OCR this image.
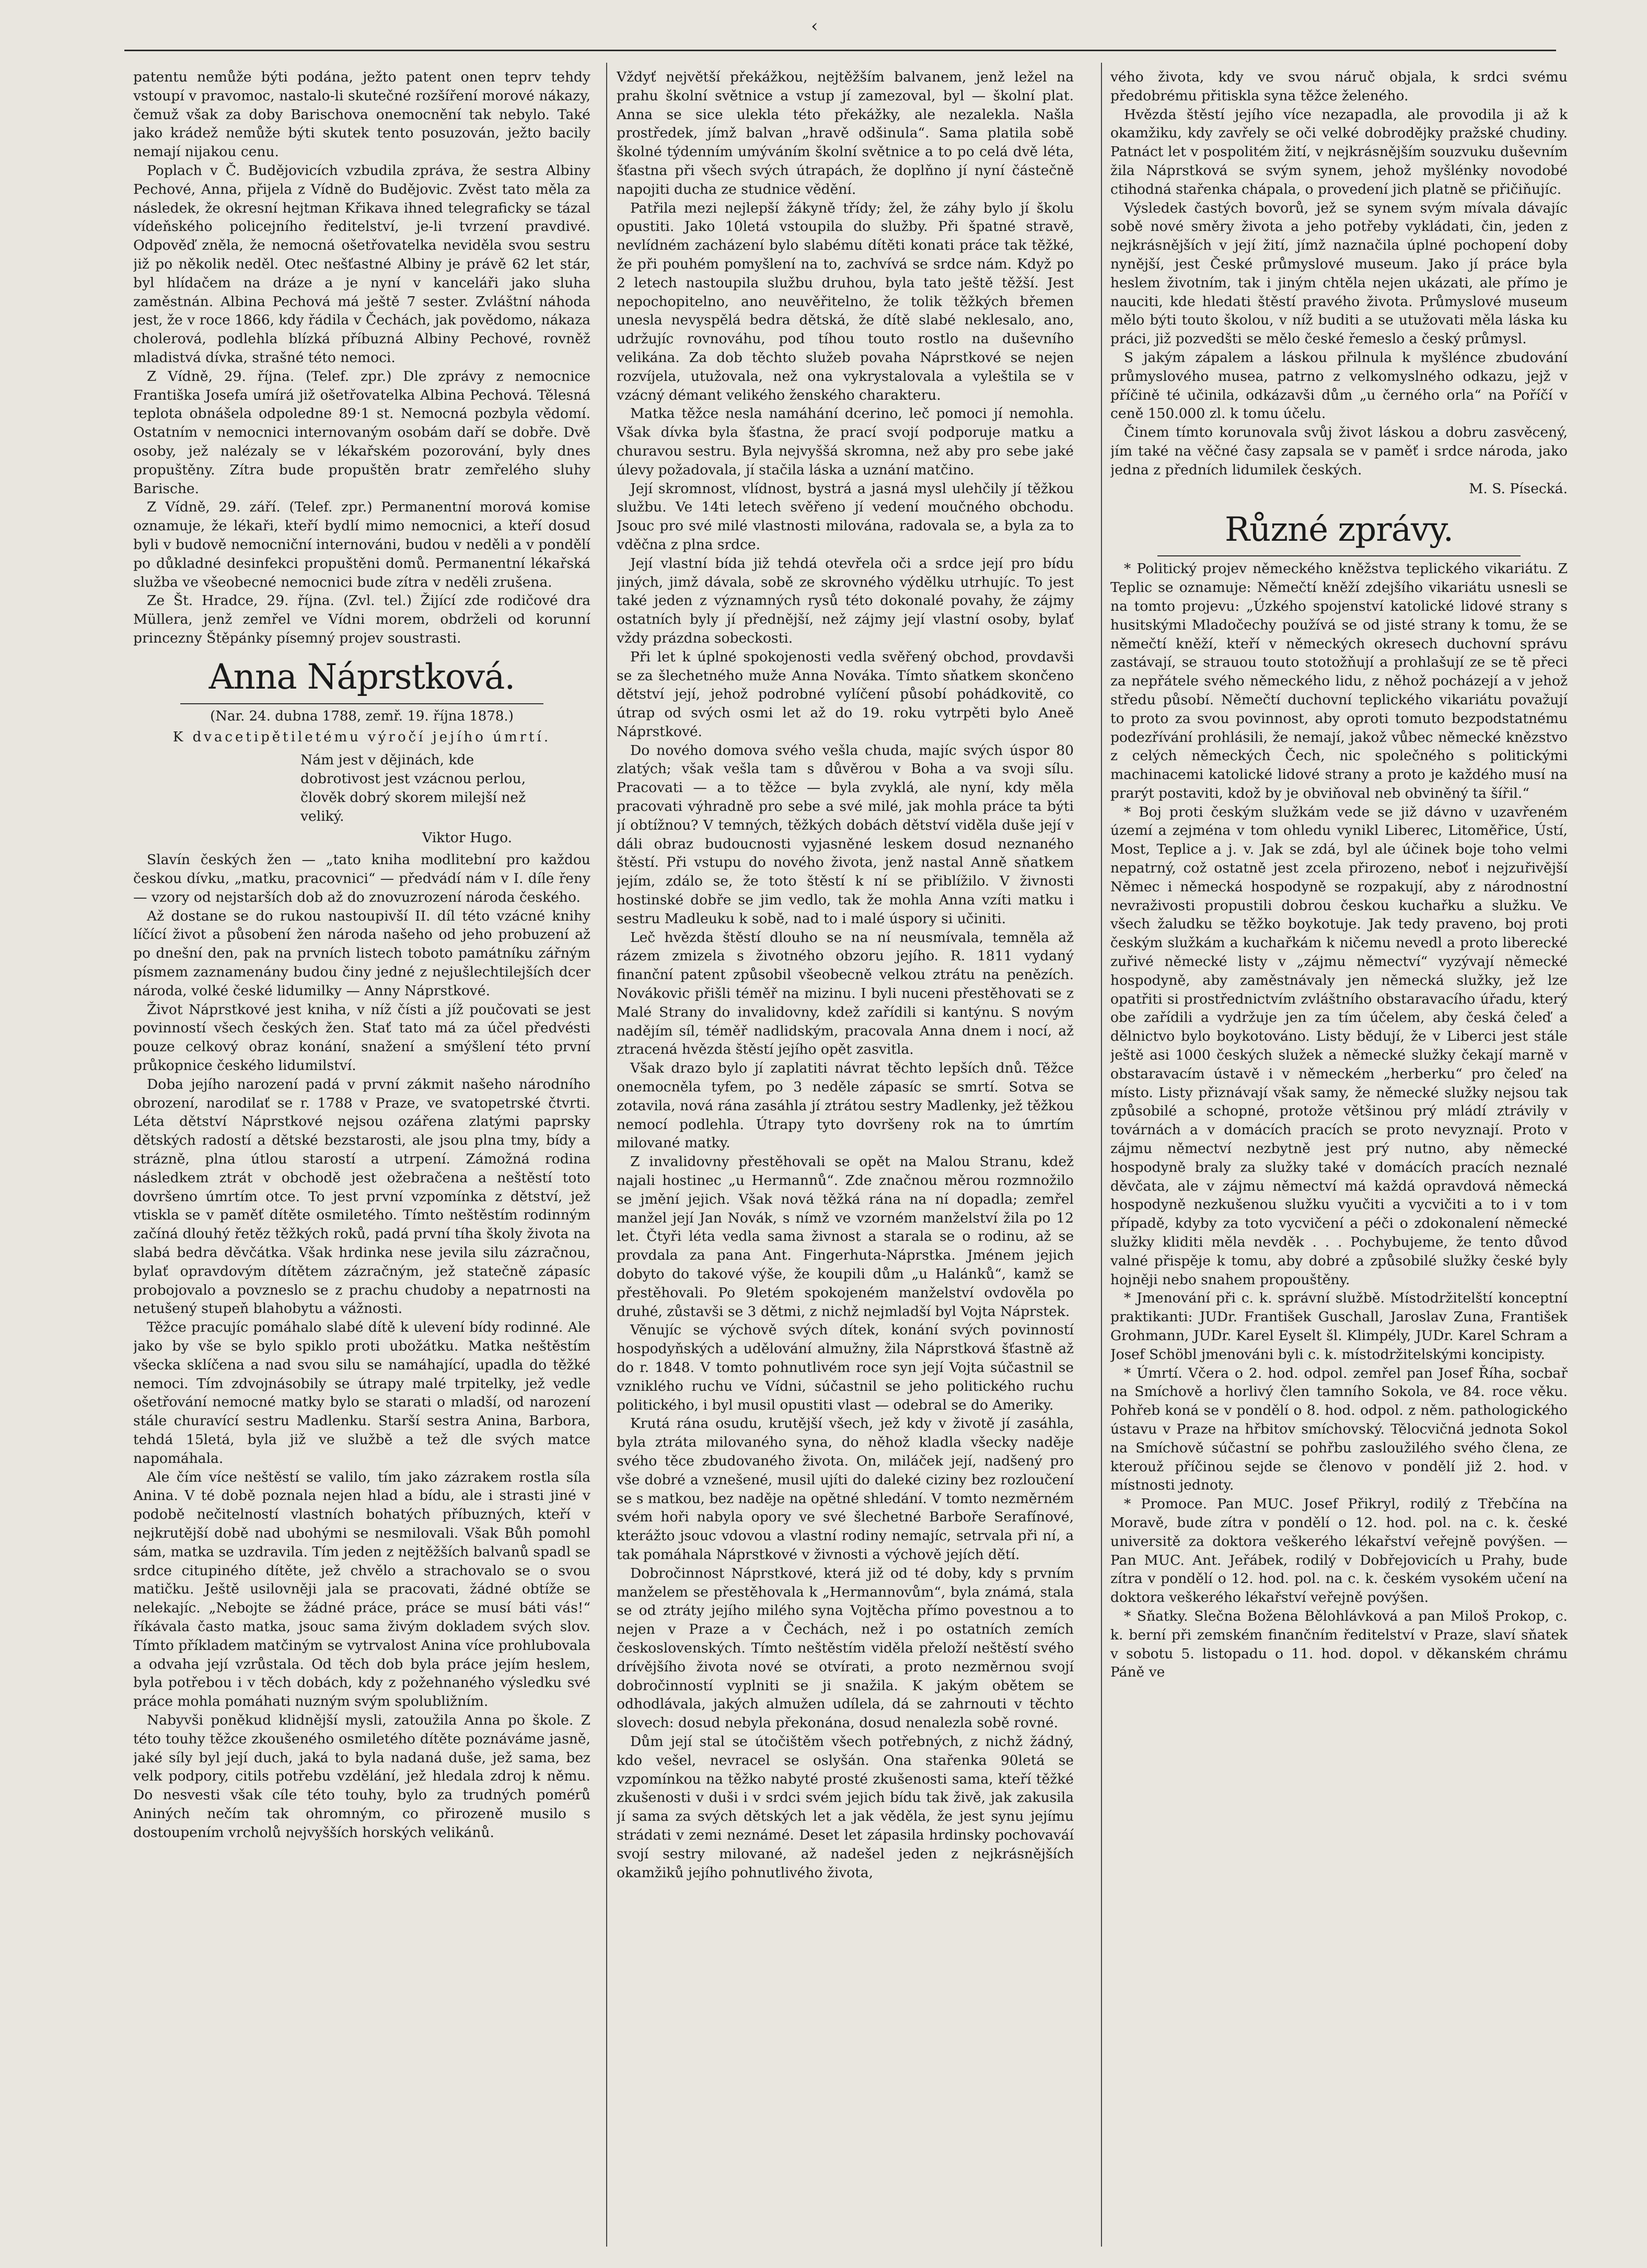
‹

patentu nemůže býti podána, ježto patent onen teprv tehdy vstoupí v pravomoc, nastalo-li skutečné rozšíření morové nákazy, čemuž však za doby Barischova onemocnění tak nebylo. Také jako krádež nemůže býti skutek tento posuzován, ježto bacily nemají nijakou cenu.

Poplach v Č. Budějovicích vzbudila zpráva, že sestra Albiny Pechové, Anna, přijela z Vídně do Budějovic. Zvěst tato měla za následek, že okresní hejtman Křikava ihned telegraficky se tázal vídeňského policejního ředitelství, je-li tvrzení pravdivé. Odpověď zněla, že nemocná ošetřovatelka neviděla svou sestru již po několik neděl. Otec nešťastné Albiny je právě 62 let stár, byl hlídačem na dráze a je nyní v kanceláři jako sluha zaměstnán. Albina Pechová má ještě 7 sester. Zvláštní náhoda jest, že v roce 1866, kdy řádila v Čechách, jak povědomo, nákaza cholerová, podlehla blízká příbuzná Albiny Pechové, rovněž mladistvá dívka, strašné této nemoci.

Z Vídně, 29. října. (Telef. zpr.) Dle zprávy z nemocnice Františka Josefa umírá již ošetřovatelka Albina Pechová. Tělesná teplota obnášela odpoledne 89·1 st. Nemocná pozbyla vědomí. Ostatním v nemocnici internovaným osobám daří se dobře. Dvě osoby, jež nalézaly se v lékařském pozorování, byly dnes propuštěny. Zítra bude propuštěn bratr zemřelého sluhy Barische.

Z Vídně, 29. září. (Telef. zpr.) Permanentní morová komise oznamuje, že lékaři, kteří bydlí mimo nemocnici, a kteří dosud byli v budově nemocniční internováni, budou v neděli a v pondělí po důkladné desinfekci propuštěni domů. Permanentní lékařská služba ve všeobecné nemocnici bude zítra v neděli zrušena.

Ze Št. Hradce, 29. října. (Zvl. tel.) Žijící zde rodičové dra Müllera, jenž zemřel ve Vídni morem, obdrželi od korunní princezny Štěpánky písemný projev soustrasti.

Anna Náprstková.
(Nar. 24. dubna 1788, zemř. 19. října 1878.)
K dvacetipětiletému výročí jejího úmrtí.
Nám jest v dějinách, kde dobrotivost jest vzácnou perlou, člověk dobrý skorem milejší než veliký.
Viktor Hugo.

Slavín českých žen — „tato kniha modlitební pro každou českou dívku, „matku, pracovnici“ — předvádí nám v I. díle řeny — vzory od nejstarších dob až do znovuzrození národa českého.

Až dostane se do rukou nastoupivší II. díl této vzácné knihy líčící život a působení žen národa našeho od jeho probuzení až po dnešní den, pak na prvních listech toboto památníku zářným písmem zaznamenány budou činy jedné z nejušlechtilejších dcer národa, volké české lidumilky — Anny Náprstkové.

Život Náprstkové jest kniha, v níž čísti a jíž poučovati se jest povinností všech českých žen. Stať tato má za účel předvésti pouze celkový obraz konání, snažení a smýšlení této první průkopnice českého lidumilství.

Doba jejího narození padá v první zákmit našeho národního obrození, narodilať se r. 1788 v Praze, ve svatopetrské čtvrti. Léta dětství Náprstkové nejsou ozářena zlatými paprsky dětských radostí a dětské bezstarosti, ale jsou plna tmy, bídy a strázně, plna útlou starostí a utrpení. Zámožná rodina následkem ztrát v obchodě jest ožebračena a neštěstí toto dovršeno úmrtím otce. To jest první vzpomínka z dětství, jež vtiskla se v paměť dítěte osmiletého. Tímto neštěstím rodinným začíná dlouhý řetěz těžkých roků, padá první tíha školy života na slabá bedra děvčátka. Však hrdinka nese jevila silu zázračnou, bylať opravdovým dítětem zázračným, jež statečně zápasíc probojovalo a povzneslo se z prachu chudoby a nepatrnosti na netušený stupeň blahobytu a vážnosti.

Těžce pracujíc pomáhalo slabé dítě k ulevení bídy rodinné. Ale jako by vše se bylo spiklo proti ubožátku. Matka neštěstím všecka sklíčena a nad svou silu se namáhající, upadla do těžké nemoci. Tím zdvojnásobily se útrapy malé trpitelky, jež vedle ošetřování nemocné matky bylo se starati o mladší, od narození stále churavící sestru Madlenku. Starší sestra Anina, Barbora, tehdá 15letá, byla již ve službě a tež dle svých matce napomáhala.

Ale čím více neštěstí se valilo, tím jako zázrakem rostla síla Anina. V té době poznala nejen hlad a bídu, ale i strasti jiné v podobě nečitelností vlastních bohatých příbuzných, kteří v nejkrutější době nad ubohými se nesmilovali. Však Bůh pomohl sám, matka se uzdravila. Tím jeden z nejtěžších balvanů spadl se srdce citupiného dítěte, jež chvělo a strachovalo se o svou matičku. Ještě usilovněji jala se pracovati, žádné obtíže se nelekajíc. „Nebojte se žádné práce, práce se musí báti vás!“ říkávala často matka, jsouc sama živým dokladem svých slov. Tímto příkladem matčiným se vytrvalost Anina více prohlubovala a odvaha její vzrůstala. Od těch dob byla práce jejím heslem, byla potřebou i v těch dobách, kdy z požehnaného výsledku své práce mohla pomáhati nuzným svým spolubližním.

Nabyvši poněkud klidnější mysli, zatoužila Anna po škole. Z této touhy těžce zkoušeného osmiletého dítěte poznáváme jasně, jaké síly byl její duch, jaká to byla nadaná duše, jež sama, bez velk podpory, citils potřebu vzdělání, jež hledala zdroj k němu. Do nesvesti však cíle této touhy, bylo za trudných pomérů Aniných nečím tak ohromným, co přirozeně musilo s dostoupením vrcholů nejvyšších horských velikánů.

Vždyť největší překážkou, nejtěžším balvanem, jenž ležel na prahu školní světnice a vstup jí zamezoval, byl — školní plat. Anna se sice ulekla této překážky, ale nezalekla. Našla prostředek, jímž balvan „hravě odšinula“. Sama platila sobě školné týdenním umýváním školní světnice a to po celá dvě léta, šťastna při všech svých útrapách, že doplňno jí nyní částečně napojiti ducha ze studnice vědění.

Patřila mezi nejlepší žákyně třídy; žel, že záhy bylo jí školu opustiti. Jako 10letá vstoupila do služby. Při špatné stravě, nevlídném zacházení bylo slabému dítěti konati práce tak těžké, že při pouhém pomyšlení na to, zachvívá se srdce nám. Když po 2 letech nastoupila službu druhou, byla tato ještě těžší. Jest nepochopitelno, ano neuvěřitelno, že tolik těžkých břemen unesla nevyspělá bedra dětská, že dítě slabé neklesalo, ano, udržujíc rovnováhu, pod tíhou touto rostlo na duševního velikána. Za dob těchto služeb povaha Náprstkové se nejen rozvíjela, utužovala, než ona vykrystalovala a vyleštila se v vzácný démant velikého ženského charakteru.

Matka těžce nesla namáhání dcerino, leč pomoci jí nemohla. Však dívka byla šťastna, že prací svojí podporuje matku a churavou sestru. Byla nejvyššá skromna, než aby pro sebe jaké úlevy požadovala, jí stačila láska a uznání matčino.

Její skromnost, vlídnost, bystrá a jasná mysl ulehčily jí těžkou službu. Ve 14ti letech svěřeno jí vedení moučného obchodu. Jsouc pro své milé vlastnosti milována, radovala se, a byla za to vděčna z plna srdce.

Její vlastní bída již tehdá otevřela oči a srdce její pro bídu jiných, jimž dávala, sobě ze skrovného výdělku utrhujíc. To jest také jeden z významných rysů této dokonalé povahy, že zájmy ostatních byly jí přednější, než zájmy její vlastní osoby, bylať vždy prázdna sobeckosti.

Při let k úplné spokojenosti vedla svěřený obchod, provdavši se za šlechetného muže Anna Nováka. Tímto sňatkem skončeno dětství její, jehož podrobné vylíčení působí pohádkovitě, co útrap od svých osmi let až do 19. roku vytrpěti bylo Aneě Náprstkové.

Do nového domova svého vešla chuda, majíc svých úspor 80 zlatých; však vešla tam s důvěrou v Boha a va svoji sílu. Pracovati — a to těžce — byla zvyklá, ale nyní, kdy měla pracovati výhradně pro sebe a své milé, jak mohla práce ta býti jí obtížnou? V temných, těžkých dobách dětství viděla duše její v dáli obraz budoucnosti vyjasněné leskem dosud neznaného štěstí. Při vstupu do nového života, jenž nastal Anně sňatkem jejím, zdálo se, že toto štěstí k ní se přiblížilo. V živnosti hostinské dobře se jim vedlo, tak že mohla Anna vzíti matku i sestru Madleuku k sobě, nad to i malé úspory si učiniti.

Leč hvězda štěstí dlouho se na ní neusmívala, temněla až rázem zmizela s životného obzoru jejího. R. 1811 vydaný finanční patent způsobil všeobecně velkou ztrátu na penězích. Novákovic přišli téměř na mizinu. I byli nuceni přestěhovati se z Malé Strany do invalidovny, kdež zařídili si kantýnu. S novým nadějím síl, téměř nadlidským, pracovala Anna dnem i nocí, až ztracená hvězda štěstí jejího opět zasvitla.

Však drazo bylo jí zaplatiti návrat těchto lepších dnů. Těžce onemocněla tyfem, po 3 neděle zápasíc se smrtí. Sotva se zotavila, nová rána zasáhla jí ztrátou sestry Madlenky, jež těžkou nemocí podlehla. Útrapy tyto dovršeny rok na to úmrtím milované matky.

Z invalidovny přestěhovali se opět na Malou Stranu, kdež najali hostinec „u Hermannů“. Zde značnou měrou rozmnožilo se jmění jejich. Však nová těžká rána na ní dopadla; zemřel manžel její Jan Novák, s nímž ve vzorném manželství žila po 12 let. Čtyři léta vedla sama živnost a starala se o rodinu, až se provdala za pana Ant. Fingerhuta-Náprstka. Jménem jejich dobyto do takové výše, že koupili dům „u Halánků“, kamž se přestěhovali. Po 9letém spokojeném manželství ovdověla po druhé, zůstavši se 3 dětmi, z nichž nejmladší byl Vojta Náprstek.

Věnujíc se výchově svých dítek, konání svých povinností hospodyňských a udělování almužny, žila Náprstková šťastně až do r. 1848. V tomto pohnutlivém roce syn její Vojta súčastnil se vzniklého ruchu ve Vídni, súčastnil se jeho politického ruchu politického, i byl musil opustiti vlast — odebral se do Ameriky.

Krutá rána osudu, krutější všech, jež kdy v životě jí zasáhla, byla ztráta milovaného syna, do něhož kladla všecky naděje svého těce zbudovaného života. On, miláček její, nadšený pro vše dobré a vznešené, musil ujíti do daleké ciziny bez rozloučení se s matkou, bez naděje na opětné shledání. V tomto nezměrném svém hoři nabyla opory ve své šlechetné Barboře Serafínové, kterážto jsouc vdovou a vlastní rodiny nemajíc, setrvala při ní, a tak pomáhala Náprstkové v živnosti a výchově jejích dětí.

Dobročinnost Náprstkové, která již od té doby, kdy s prvním manželem se přestěhovala k „Hermannovům“, byla známá, stala se od ztráty jejího milého syna Vojtěcha přímo povestnou a to nejen v Praze a v Čechách, než i po ostatních zemích československých. Tímto neštěstím viděla přeloží neštěstí svého drívějšího života nové se otvírati, a proto nezměrnou svojí dobročinností vyplniti se ji snažila. K jakým obětem se odhodlávala, jakých almužen udílela, dá se zahrnouti v těchto slovech: dosud nebyla překonána, dosud nenalezla sobě rovné.

Dům její stal se útočištěm všech potřebných, z nichž žádný, kdo vešel, nevracel se oslyšán. Ona stařenka 90letá se vzpomínkou na těžko nabyté prosté zkušenosti sama, kteří těžké zkušenosti v duši i v srdci svém jejich bídu tak živě, jak zakusila jí sama za svých dětských let a jak věděla, že jest synu jejímu strádati v zemi neznámé. Deset let zápasila hrdinsky pochovaváí svojí sestry milované, až nadešel jeden z nejkrásnějších okamžiků jejího pohnutlivého života,

vého života, kdy ve svou náruč objala, k srdci svému předobrému přitiskla syna těžce želeného.

Hvězda štěstí jejího více nezapadla, ale provodila ji až k okamžiku, kdy zavřely se oči velké dobrodějky pražské chudiny. Patnáct let v pospolitém žití, v nejkrásnějším souzvuku duševním žila Náprstková se svým synem, jehož myšlénky novodobé ctihodná stařenka chápala, o provedení jich platně se přičiňujíc.

Výsledek častých bovorů, jež se synem svým mívala dávajíc sobě nové směry života a jeho potřeby vykládati, čin, jeden z nejkrásnějších v její žití, jímž naznačila úplné pochopení doby nynější, jest České průmyslové museum. Jako jí práce byla heslem životním, tak i jiným chtěla nejen ukázati, ale přímo je nauciti, kde hledati štěstí pravého života. Průmyslové museum mělo býti touto školou, v níž buditi a se utužovati měla láska ku práci, již pozvedšti se mělo české řemeslo a český průmysl.

S jakým zápalem a láskou přilnula k myšlénce zbudování průmyslového musea, patrno z velkomyslného odkazu, jejž v příčině té učinila, odkázavši dům „u černého orla“ na Poříčí v ceně 150.000 zl. k tomu účelu.

Činem tímto korunovala svůj život láskou a dobru zasvěcený, jím také na věčné časy zapsala se v paměť i srdce národa, jako jedna z předních lidumilek českých.

M. S. Písecká.
Různé zprávy.

* Politický projev německého kněžstva teplického vikariátu. Z Teplic se oznamuje: Němečtí kněží zdejšího vikariátu usnesli se na tomto projevu: „Úzkého spojenství katolické lidové strany s husitskými Mladočechy používá se od jisté strany k tomu, že se němečtí kněží, kteří v německých okresech duchovní správu zastávají, se strauou touto stotožňují a prohlašují ze se tě přeci za nepřátele svého německého lidu, z něhož pocházejí a v jehož středu působí. Němečtí duchovní teplického vikariátu považují to proto za svou povinnost, aby oproti tomuto bezpodstatnému podezřívání prohlásili, že nemají, jakož vůbec německé knězstvo z celých německých Čech, nic společného s politickými machinacemi katolické lidové strany a proto je každého musí na prarýt postaviti, kdož by je obviňoval neb obviněný ta šířil.“

* Boj proti českým služkám vede se již dávno v uzavřeném území a zejména v tom ohledu vynikl Liberec, Litoměřice, Ústí, Most, Teplice a j. v. Jak se zdá, byl ale účinek boje toho velmi nepatrný, což ostatně jest zcela přirozeno, neboť i nejzuřivější Němec i německá hospodyně se rozpakují, aby z národnostní nevraživosti propustili dobrou českou kuchařku a služku. Ve všech žaludku se těžko boykotuje. Jak tedy praveno, boj proti českým služkám a kuchařkám k ničemu nevedl a proto liberecké zuřivé německé listy v „zájmu němectví“ vyzývají německé hospodyně, aby zaměstnávaly jen německá služky, jež lze opatřiti si prostřednictvím zvláštního obstaravacího úřadu, který obe zařídili a vydržuje jen za tím účelem, aby česká čeleď a dělnictvo bylo boykotováno. Listy bědují, že v Liberci jest stále ještě asi 1000 českých služek a německé služky čekají marně v obstaravacím ústavě i v německém „herberku“ pro čeleď na místo. Listy přiznávají však samy, že německé služky nejsou tak způsobilé a schopné, protože většinou prý mládí ztrávily v továrnách a v domácích pracích se proto nevyznají. Proto v zájmu němectví nezbytně jest prý nutno, aby německé hospodyně braly za služky také v domácích pracích neznalé děvčata, ale v zájmu němectví má každá opravdová německá hospodyně nezkušenou služku vyučiti a vycvičiti a to i v tom případě, kdyby za toto vycvičení a péči o zdokonalení německé služky kliditi měla nevděk . . . Pochybujeme, že tento důvod valné přispěje k tomu, aby dobré a způsobilé služky české byly hojněji nebo snahem propouštěny.

* Jmenování při c. k. správní službě. Místodržitelští konceptní praktikanti: JUDr. František Guschall, Jaroslav Zuna, František Grohmann, JUDr. Karel Eyselt šl. Klimpély, JUDr. Karel Schram a Josef Schöbl jmenováni byli c. k. místodržitelskými koncipisty.

* Úmrtí. Včera o 2. hod. odpol. zemřel pan Josef Říha, socbař na Smíchově a horlivý člen tamního Sokola, ve 84. roce věku. Pohřeb koná se v pondělí o 8. hod. odpol. z něm. pathologického ústavu v Praze na hřbitov smíchovský. Tělocvičná jednota Sokol na Smíchově súčastní se pohřbu zasloužilého svého člena, ze kterouž příčinou sejde se členovo v pondělí již 2. hod. v místnosti jednoty.

* Promoce. Pan MUC. Josef Přikryl, rodilý z Třebčína na Moravě, bude zítra v pondělí o 12. hod. pol. na c. k. české universitě za doktora veškerého lékařství veřejně povýšen. — Pan MUC. Ant. Jeřábek, rodilý v Dobřejovicích u Prahy, bude zítra v pondělí o 12. hod. pol. na c. k. českém vysokém učení na doktora veškerého lékařství veřejně povýšen.

* Sňatky. Slečna Božena Bělohlávková a pan Miloš Prokop, c. k. berní při zemském finančním ředitelství v Praze, slaví sňatek v sobotu 5. listopadu o 11. hod. dopol. v děkanském chrámu Páně ve
